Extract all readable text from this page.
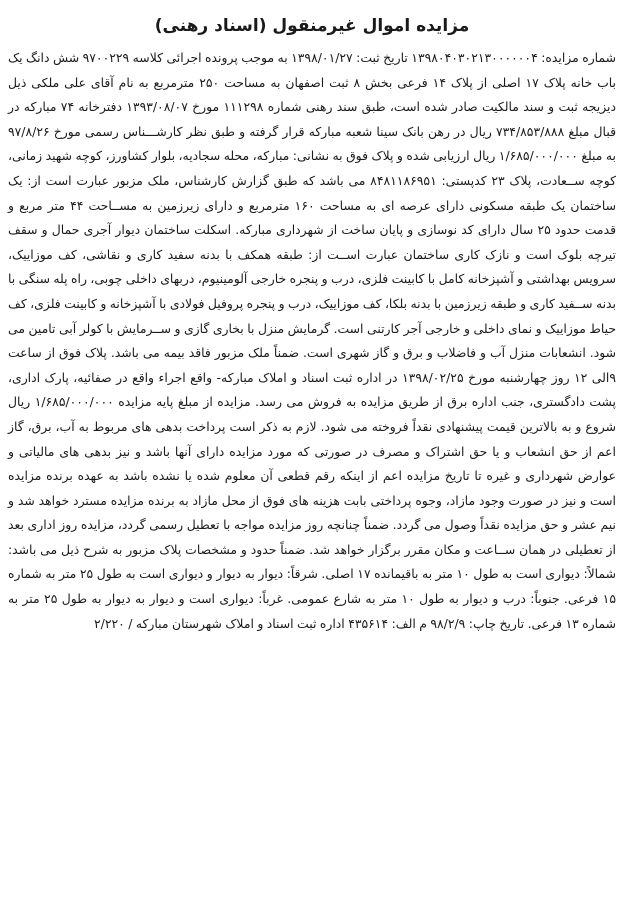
مزایده اموال غیرمنقول (اسناد رهنی)

شماره مزایده: ۱۳۹۸۰۴۰۳۰۲۱۳۰۰۰۰۰۰۴ تاریخ ثبت: ۱۳۹۸/۰۱/۲۷ به موجب پرونده اجرائی کلاسه ۹۷۰۰۲۲۹ شش دانگ یک باب خانه پلاک ۱۷ اصلی از پلاک ۱۴ فرعی بخش ۸ ثبت اصفهان به مساحت ۲۵۰ مترمربع به نام آقای علی ملکی ذیل دیزیجه ثبت و سند مالکیت صادر شده است، طبق سند رهنی شماره ۱۱۱۲۹۸ مورخ ۱۳۹۳/۰۸/۰۷ دفترخانه ۷۴ مبارکه در قبال مبلغ ۷۳۴/۸۵۳/۸۸۸ ریال در رهن بانک سینا شعبه مبارکه قرار گرفته و طبق نظر کارشـــناس رسمی مورخ ۹۷/۸/۲۶ به مبلغ ۱/۶۸۵/۰۰۰/۰۰۰ ریال ارزیابی شده و پلاک فوق به نشانی: مبارکه، محله سجادیه، بلوار کشاورز، کوچه شهید زمانی، کوچه ســعادت، پلاک ۲۳ کدپستی: ۸۴۸۱۱۸۶۹۵۱ می باشد که طبق گزارش کارشناس، ملک مزبور عبارت است از: یک ساختمان یک طبقه مسکونی دارای عرصه ای به مساحت ۱۶۰ مترمربع و دارای زیرزمین به مســاحت ۴۴ متر مربع و قدمت حدود ۲۵ سال دارای کد نوسازی و پایان ساخت از شهرداری مبارکه. اسکلت ساختمان دیوار آجری حمال و سقف تیرچه بلوک است و نازک کاری ساختمان عبارت اســت از: طبقه همکف با بدنه سفید کاری و نقاشی، کف موزاییک، سرویس بهداشتی و آشپزخانه کامل با کابینت فلزی، درب و پنجره خارجی آلومینیوم، دربهای داخلی چوبی، راه پله سنگی با بدنه ســفید کاری و طبقه زیرزمین با بدنه بلکا، کف موزاییک، درب و پنجره پروفیل فولادی با آشپزخانه و کابینت فلزی، کف حیاط موزاییک و نمای داخلی و خارجی آجر کارتنی است. گرمایش منزل با بخاری گازی و ســرمایش با کولر آبی تامین می شود. انشعابات منزل آب و فاضلاب و برق و گاز شهری است. ضمناً ملک مزبور فاقد بیمه می باشد. پلاک فوق از ساعت ۹الی ۱۲ روز چهارشنبه مورخ ۱۳۹۸/۰۲/۲۵ در اداره ثبت اسناد و املاک مبارکه- واقع اجراء واقع در صفائیه، پارک اداری، پشت دادگستری، جنب اداره برق از طریق مزایده به فروش می رسد. مزایده از مبلغ پایه مزایده ۱/۶۸۵/۰۰۰/۰۰۰ ریال شروع و به بالاترین قیمت پیشنهادی نقداً فروخته می شود. لازم به ذکر است پرداخت بدهی های مربوط به آب، برق، گاز اعم از حق انشعاب و یا حق اشتراک و مصرف در صورتی که مورد مزایده دارای آنها باشد و نیز بدهی های مالیاتی و عوارض شهرداری و غیره تا تاریخ مزایده اعم از اینکه رقم قطعی آن معلوم شده یا نشده باشد به عهده برنده مزایده است و نیز در صورت وجود مازاد، وجوه پرداختی بابت هزینه های فوق از محل مازاد به برنده مزایده مسترد خواهد شد و نیم عشر و حق مزایده نقداً وصول می گردد. ضمناً چنانچه روز مزایده مواجه با تعطیل رسمی گردد، مزایده روز اداری بعد از تعطیلی در همان ســاعت و مکان مقرر برگزار خواهد شد. ضمناً حدود و مشخصات پلاک مزبور به شرح ذیل می باشد: شمالاً: دیواری است به طول ۱۰ متر به باقیمانده ۱۷ اصلی. شرقاً: دیوار به دیوار و دیواری است به طول ۲۵ متر به شماره ۱۵ فرعی. جنوباً: درب و دیوار به طول ۱۰ متر به شارع عمومی. غرباً: دیواری است و دیوار به دیوار به طول ۲۵ متر به شماره ۱۳ فرعی. تاریخ چاپ: ۹۸/۲/۹ م الف: ۴۳۵۶۱۴ اداره ثبت اسناد و املاک شهرستان مبارکه / ۲/۲۲۰
